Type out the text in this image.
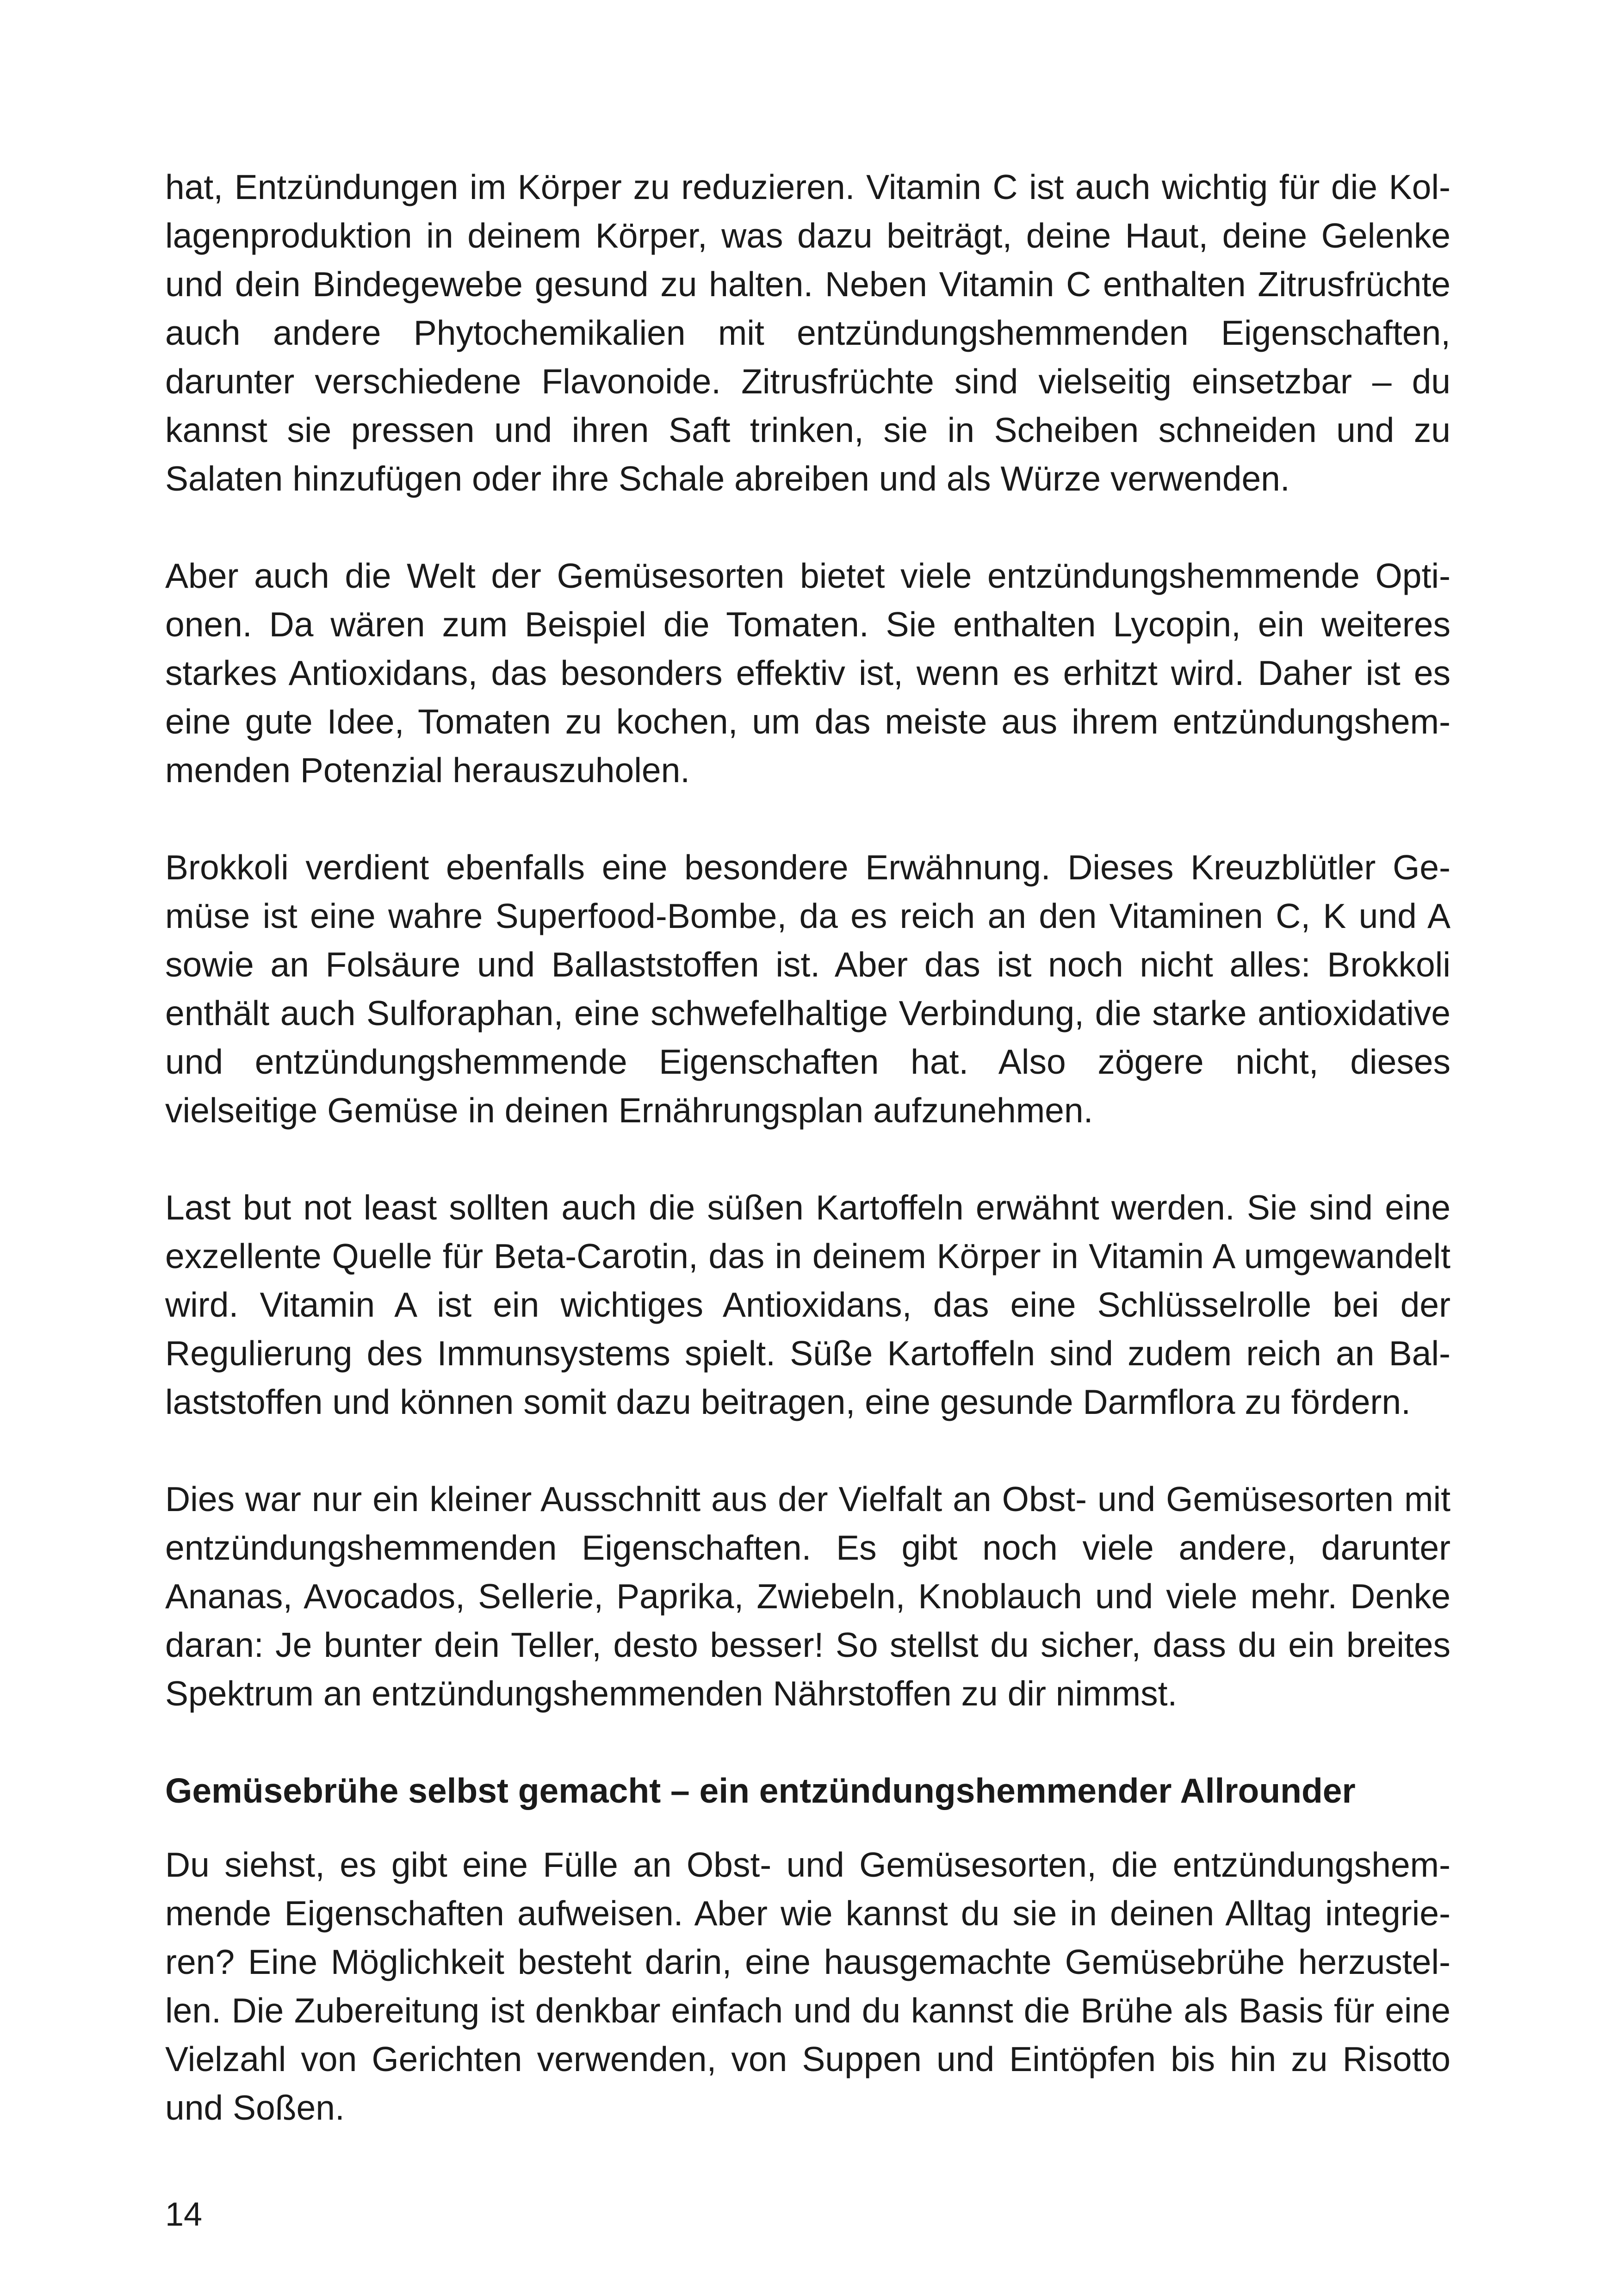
hat, Entzündungen im Körper zu reduzieren. Vitamin C ist auch wichtig für die Kollagenproduktion in deinem Körper, was dazu beiträgt, deine Haut, deine Gelenke und dein Bindegewebe gesund zu halten. Neben Vitamin C enthalten Zitrusfrüchte auch andere Phytochemikalien mit entzündungshemmenden Eigenschaften, darunter verschiedene Flavonoide. Zitrusfrüchte sind vielseitig einsetzbar – du kannst sie pressen und ihren Saft trinken, sie in Scheiben schneiden und zu Salaten hinzufügen oder ihre Schale abreiben und als Würze verwenden.

Aber auch die Welt der Gemüsesorten bietet viele entzündungshemmende Optionen. Da wären zum Beispiel die Tomaten. Sie enthalten Lycopin, ein weiteres starkes Antioxidans, das besonders effektiv ist, wenn es erhitzt wird. Daher ist es eine gute Idee, Tomaten zu kochen, um das meiste aus ihrem entzündungshemmenden Potenzial herauszuholen.

Brokkoli verdient ebenfalls eine besondere Erwähnung. Dieses Kreuzblütler Gemüse ist eine wahre Superfood-Bombe, da es reich an den Vitaminen C, K und A sowie an Folsäure und Ballaststoffen ist. Aber das ist noch nicht alles: Brokkoli enthält auch Sulforaphan, eine schwefelhaltige Verbindung, die starke antioxidative und entzündungshemmende Eigenschaften hat. Also zögere nicht, dieses vielseitige Gemüse in deinen Ernährungsplan aufzunehmen.

Last but not least sollten auch die süßen Kartoffeln erwähnt werden. Sie sind eine exzellente Quelle für Beta-Carotin, das in deinem Körper in Vitamin A umgewandelt wird. Vitamin A ist ein wichtiges Antioxidans, das eine Schlüsselrolle bei der Regulierung des Immunsystems spielt. Süße Kartoffeln sind zudem reich an Ballaststoffen und können somit dazu beitragen, eine gesunde Darmflora zu fördern.

Dies war nur ein kleiner Ausschnitt aus der Vielfalt an Obst- und Gemüsesorten mit entzündungshemmenden Eigenschaften. Es gibt noch viele andere, darunter Ananas, Avocados, Sellerie, Paprika, Zwiebeln, Knoblauch und viele mehr. Denke daran: Je bunter dein Teller, desto besser! So stellst du sicher, dass du ein breites Spektrum an entzündungshemmenden Nährstoffen zu dir nimmst.

Gemüsebrühe selbst gemacht – ein entzündungshemmender Allrounder

Du siehst, es gibt eine Fülle an Obst- und Gemüsesorten, die entzündungshemmende Eigenschaften aufweisen. Aber wie kannst du sie in deinen Alltag integrieren? Eine Möglichkeit besteht darin, eine hausgemachte Gemüsebrühe herzustellen. Die Zubereitung ist denkbar einfach und du kannst die Brühe als Basis für eine Vielzahl von Gerichten verwenden, von Suppen und Eintöpfen bis hin zu Risotto und Soßen.

14
